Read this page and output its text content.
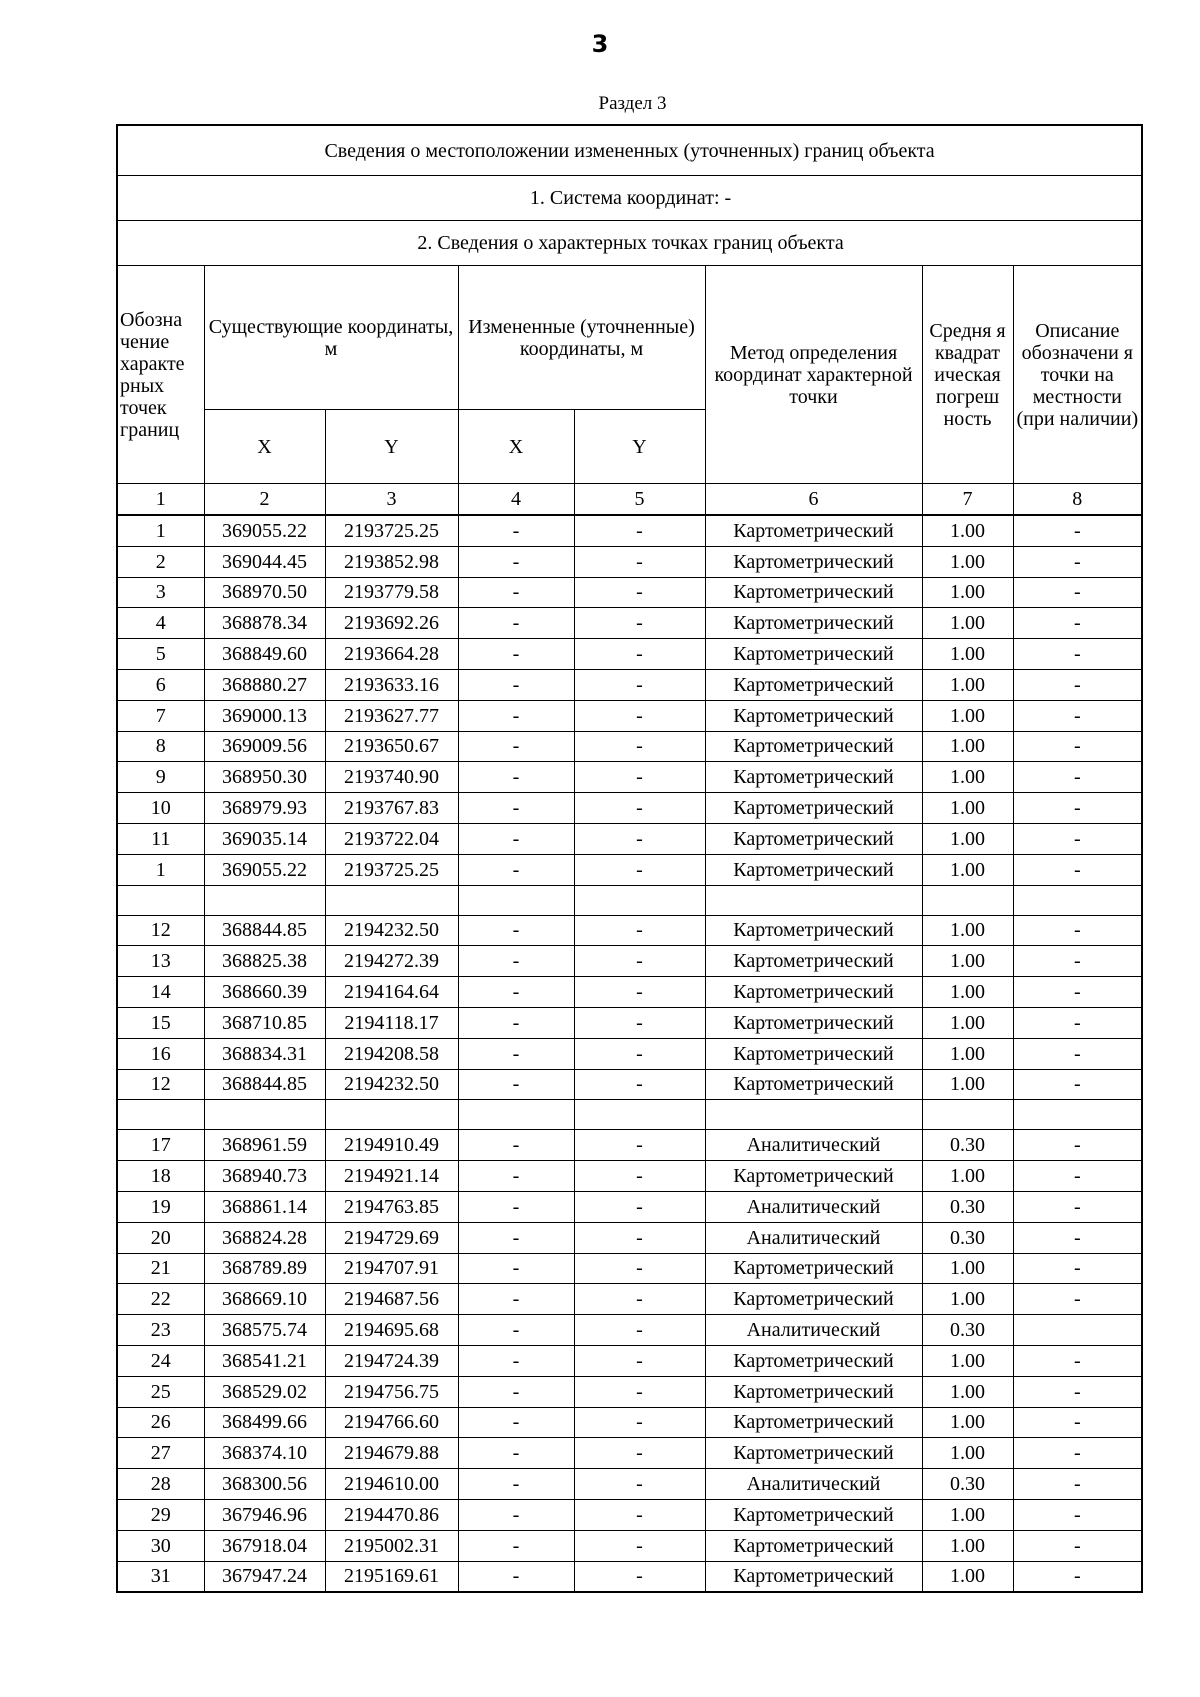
3
Раздел 3
Сведения о местоположении измененных (уточненных) границ объекта							
1. Система координат: -							
2. Сведения о характерных точках границ объекта							
Обозна чение характе рных точек границ	Существующие координаты, м		Измененные (уточненные) координаты, м		Метод определения координат характерной точки	Средня я квадрат ическая погреш ность	Описание обозначени я точки на местности (при наличии)
	X	Y	X	Y			
1	2	3	4	5	6	7	8
1	369055.22	2193725.25	-	-	Картометрический	1.00	-
2	369044.45	2193852.98	-	-	Картометрический	1.00	-
3	368970.50	2193779.58	-	-	Картометрический	1.00	-
4	368878.34	2193692.26	-	-	Картометрический	1.00	-
5	368849.60	2193664.28	-	-	Картометрический	1.00	-
6	368880.27	2193633.16	-	-	Картометрический	1.00	-
7	369000.13	2193627.77	-	-	Картометрический	1.00	-
8	369009.56	2193650.67	-	-	Картометрический	1.00	-
9	368950.30	2193740.90	-	-	Картометрический	1.00	-
10	368979.93	2193767.83	-	-	Картометрический	1.00	-
11	369035.14	2193722.04	-	-	Картометрический	1.00	-
1	369055.22	2193725.25	-	-	Картометрический	1.00	-

12	368844.85	2194232.50	-	-	Картометрический	1.00	-
13	368825.38	2194272.39	-	-	Картометрический	1.00	-
14	368660.39	2194164.64	-	-	Картометрический	1.00	-
15	368710.85	2194118.17	-	-	Картометрический	1.00	-
16	368834.31	2194208.58	-	-	Картометрический	1.00	-
12	368844.85	2194232.50	-	-	Картометрический	1.00	-

17	368961.59	2194910.49	-	-	Аналитический	0.30	-
18	368940.73	2194921.14	-	-	Картометрический	1.00	-
19	368861.14	2194763.85	-	-	Аналитический	0.30	-
20	368824.28	2194729.69	-	-	Аналитический	0.30	-
21	368789.89	2194707.91	-	-	Картометрический	1.00	-
22	368669.10	2194687.56	-	-	Картометрический	1.00	-
23	368575.74	2194695.68	-	-	Аналитический	0.30	
24	368541.21	2194724.39	-	-	Картометрический	1.00	-
25	368529.02	2194756.75	-	-	Картометрический	1.00	-
26	368499.66	2194766.60	-	-	Картометрический	1.00	-
27	368374.10	2194679.88	-	-	Картометрический	1.00	-
28	368300.56	2194610.00	-	-	Аналитический	0.30	-
29	367946.96	2194470.86	-	-	Картометрический	1.00	-
30	367918.04	2195002.31	-	-	Картометрический	1.00	-
31	367947.24	2195169.61	-	-	Картометрический	1.00	-
